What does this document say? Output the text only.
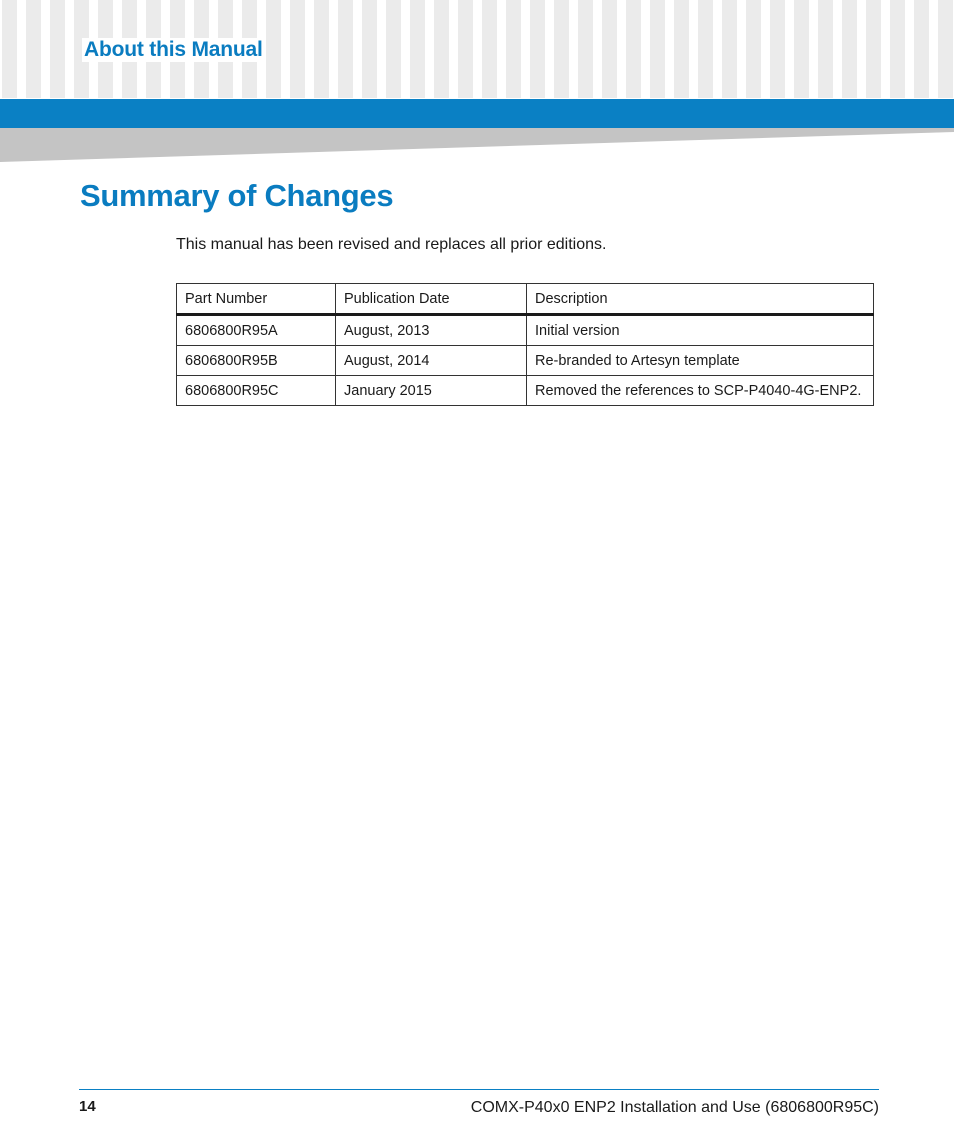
About this Manual
Summary of Changes

This manual has been revised and replaces all prior editions.

Part Number	Publication Date	Description
6806800R95A	August, 2013	Initial version
6806800R95B	August, 2014	Re-branded to Artesyn template
6806800R95C	January 2015	Removed the references to SCP-P4040-4G-ENP2.
14	COMX-P40x0 ENP2 Installation and Use (6806800R95C)
